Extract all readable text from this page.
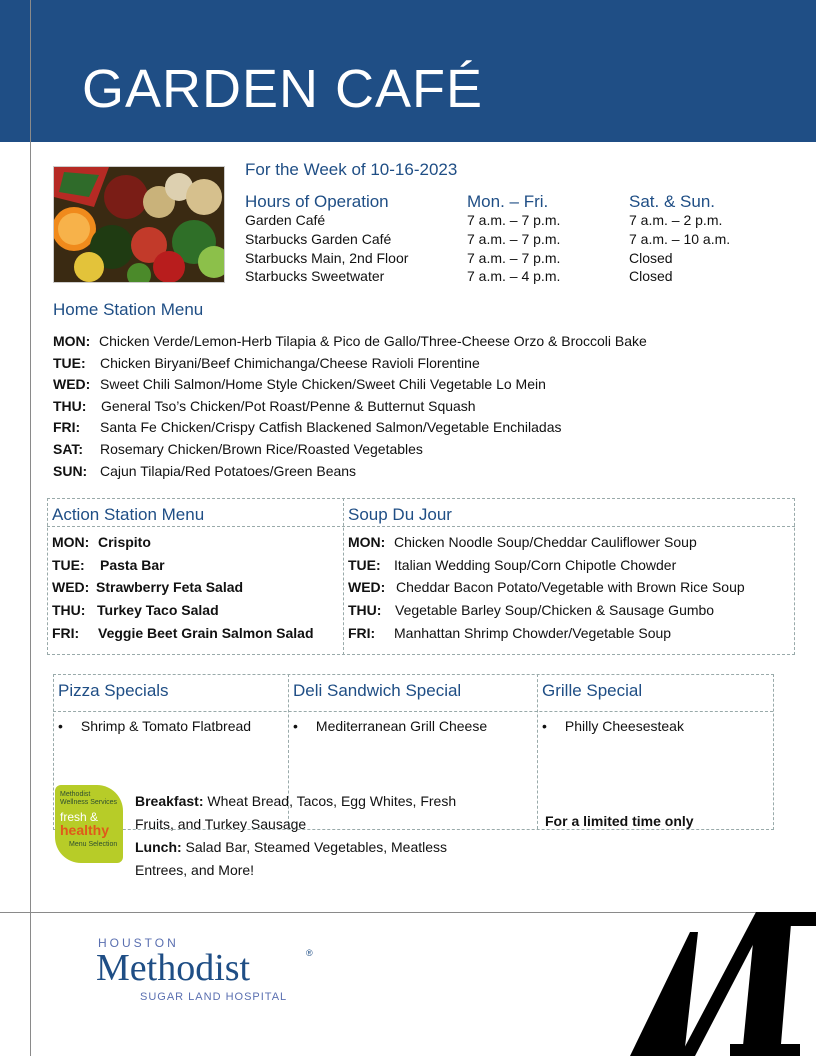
GARDEN CAFÉ
For the Week of 10-16-2023
Hours of Operation	Mon. – Fri.	Sat. & Sun.
Garden Café	7 a.m. – 7 p.m.	7 a.m. – 2 p.m.
Starbucks Garden Café	7 a.m. – 7 p.m.	7 a.m. – 10 a.m.
Starbucks Main, 2nd Floor	7 a.m. – 7 p.m.	Closed
Starbucks Sweetwater	7 a.m. – 4 p.m.	Closed
Home Station Menu
MON: Chicken Verde/Lemon-Herb Tilapia & Pico de Gallo/Three-Cheese Orzo & Broccoli Bake
TUE: Chicken Biryani/Beef Chimichanga/Cheese Ravioli Florentine
WED: Sweet Chili Salmon/Home Style Chicken/Sweet Chili Vegetable Lo Mein
THU: General Tso’s Chicken/Pot Roast/Penne & Butternut Squash
FRI: Santa Fe Chicken/Crispy Catfish Blackened Salmon/Vegetable Enchiladas
SAT: Rosemary Chicken/Brown Rice/Roasted Vegetables
SUN: Cajun Tilapia/Red Potatoes/Green Beans
Action Station Menu
MON: Crispito
TUE: Pasta Bar
WED: Strawberry Feta Salad
THU: Turkey Taco Salad
FRI: Veggie Beet Grain Salmon Salad
Soup Du Jour
MON: Chicken Noodle Soup/Cheddar Cauliflower Soup
TUE: Italian Wedding Soup/Corn Chipotle Chowder
WED: Cheddar Bacon Potato/Vegetable with Brown Rice Soup
THU: Vegetable Barley Soup/Chicken & Sausage Gumbo
FRI: Manhattan Shrimp Chowder/Vegetable Soup
Pizza Specials	Deli Sandwich Special	Grille Special
• Shrimp & Tomato Flatbread	• Mediterranean Grill Cheese	• Philly Cheesesteak
For a limited time only
Methodist
Wellness Services
fresh &
healthy
Menu Selection
Breakfast: Wheat Bread, Tacos, Egg Whites, Fresh
Fruits, and Turkey Sausage
Lunch: Salad Bar, Steamed Vegetables, Meatless
Entrees, and More!
HOUSTON
Methodist	®
SUGAR LAND HOSPITAL
